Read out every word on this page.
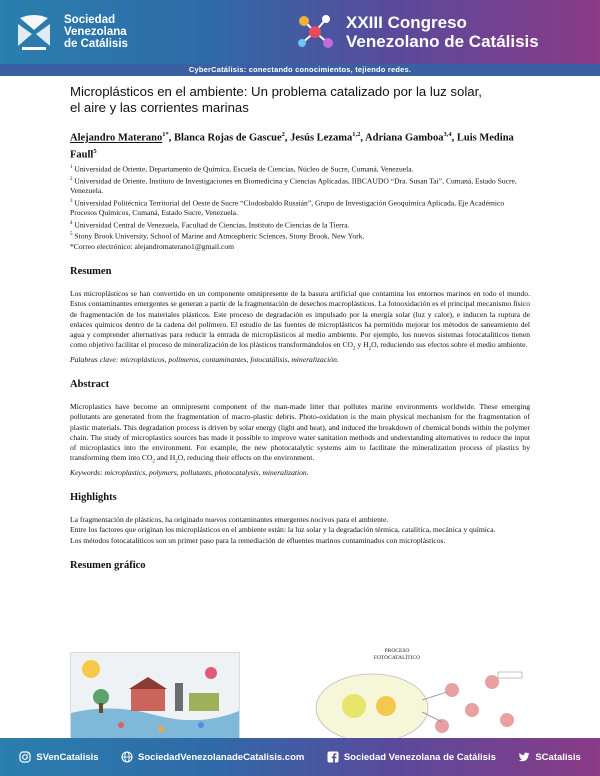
Sociedad
Venezolana
de Catálisis
XXIII Congreso
Venezolano de Catálisis
CyberCatálisis: conectando conocimientos, tejiendo redes.
Microplásticos en el ambiente: Un problema catalizado por la luz solar,
el aire y las corrientes marinas
Alejandro Materano$^{1*}$, Blanca Rojas de Gascue$^2$, Jesús Lezama$^{1,2}$, Adriana Gamboa$^{3,4}$, Luis Medina Faull$^5$
$^1$ Universidad de Oriente, Departamento de Química, Escuela de Ciencias, Núcleo de Sucre, Cumaná, Venezuela.
$^2$ Universidad de Oriente, Instituto de Investigaciones en Biomedicina y Ciencias Aplicadas, IIBCAUDO “Dra. Susan Tai”, Cumaná, Estado Sucre, Venezuela.
$^3$ Universidad Politécnica Territorial del Oeste de Sucre “Clodosbaldo Russián”, Grupo de Investigación Geoquímica Aplicada, Eje Académico Procesos Químicos, Cumaná, Estado Sucre, Venezuela.
$^4$ Universidad Central de Venezuela, Facultad de Ciencias, Instituto de Ciencias de la Tierra.
$^5$ Stony Brook University, School of Marine and Atmospheric Sciences, Stony Brook, New York.
*Correo electrónico: alejandromaterano1@gmail.com
Resumen
Los microplásticos se han convertido en un componente omnipresente de la basura artificial que contamina los entornos marinos en todo el mundo. Estos contaminantes emergentes se generan a partir de la fragmentación de desechos macroplásticos. La fotooxidación es el principal mecanismo físico de fragmentación de los materiales plásticos. Este proceso de degradación es impulsado por la energía solar (luz y calor), e inducen la ruptura de enlaces químicos dentro de la cadena del polímero. El estudio de las fuentes de microplásticos ha permitido mejorar los métodos de saneamiento del agua y comprender alternativas para reducir la entrada de microplásticos al medio ambiente. Por ejemplo, los nuevos sistemas fotocatalíticos tienen como objetivo facilitar el proceso de mineralización de los plásticos transformándolos en $CO_2$ y $H_2O$, reduciendo sus efectos sobre el medio ambiente.
Palabras clave: microplásticos, polímeros, contaminantes, fotocatálisis, mineralización.
Abstract
Microplastics have become an omnipresent component of the man-made litter that pollutes marine environments worldwide. These emerging pollutants are generated from the fragmentation of macro-plastic debris. Photo-oxidation is the main physical mechanism for the fragmentation of plastic materials. This degradation process is driven by solar energy (light and heat), and induced the breakdown of chemical bonds within the polymer chain. The study of microplastics sources has made it possible to improve water sanitation methods and understanding alternatives to reduce the input of microplastics into the environment. For example, the new photocatalytic systems aim to facilitate the mineralization process of plastics by transforming them into $CO_2$ and $H_2O$, reducing their effects on the environment.
Keywords: microplastics, polymers, pollutants, photocatalysis, mineralization.
Highlights
La fragmentación de plásticos, ha originado nuevos contaminantes emergentes nocivos para el ambiente.
Entre los factores que originan los microplásticos en el ambiente están: la luz solar y la degradación térmica, catalítica, mecánica y química.
Los métodos fotocatalíticos son un primer paso para la remediación de efluentes marinos contaminados con microplásticos.
Resumen gráfico
PROCESO
FOTOCATALÍTICO
SVenCatalisis	SociedadVenezolanadeCatalisis.com	Sociedad Venezolana de Catálisis	SCatalisis
